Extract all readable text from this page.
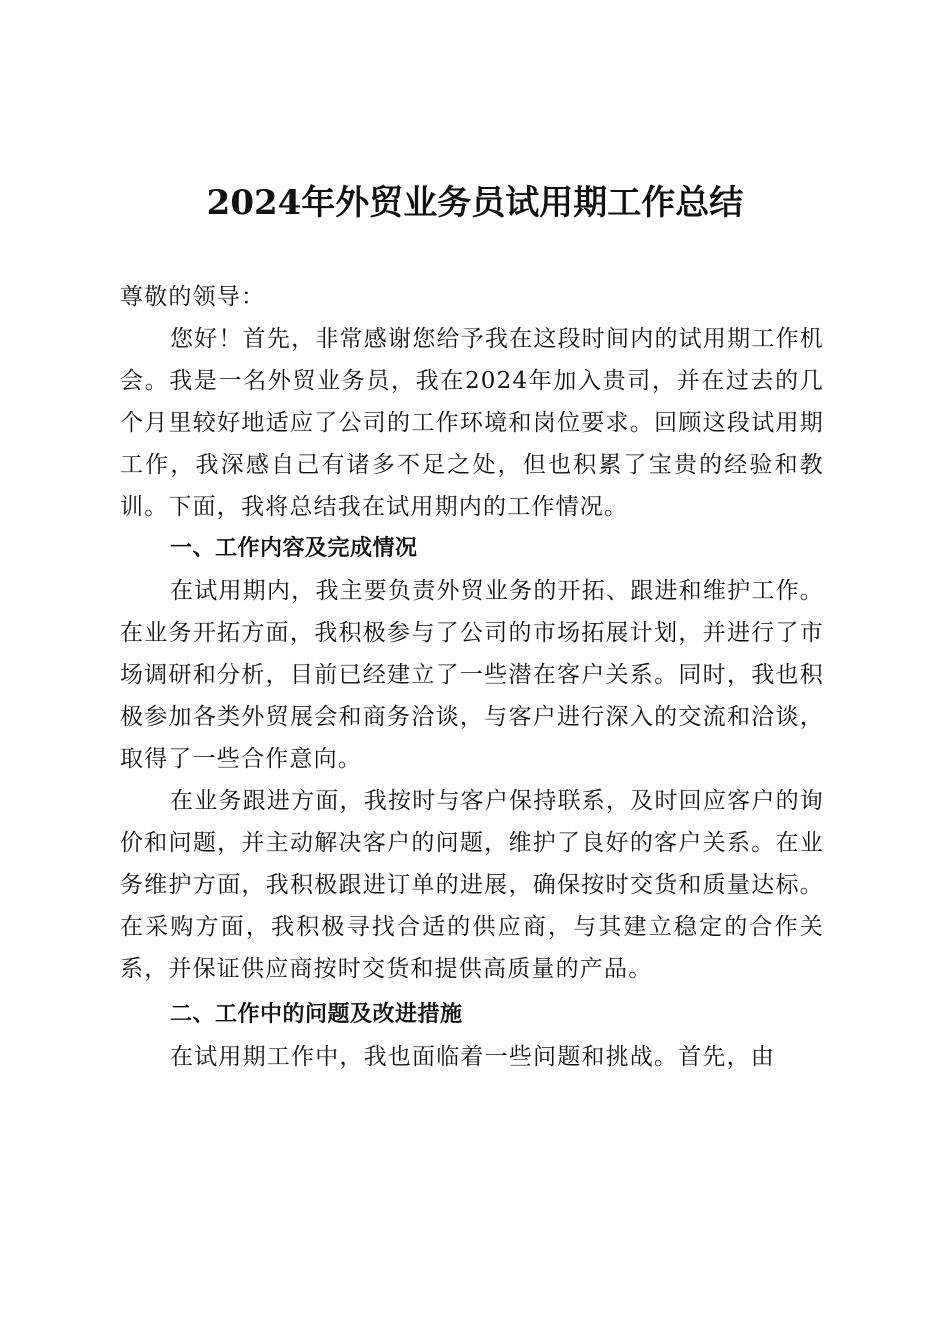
2024年外贸业务员试用期工作总结

尊敬的领导：

您好！首先，非常感谢您给予我在这段时间内的试用期工作机会。我是一名外贸业务员，我在2024年加入贵司，并在过去的几个月里较好地适应了公司的工作环境和岗位要求。回顾这段试用期工作，我深感自己有诸多不足之处，但也积累了宝贵的经验和教训。下面，我将总结我在试用期内的工作情况。

一、工作内容及完成情况

在试用期内，我主要负责外贸业务的开拓、跟进和维护工作。在业务开拓方面，我积极参与了公司的市场拓展计划，并进行了市场调研和分析，目前已经建立了一些潜在客户关系。同时，我也积极参加各类外贸展会和商务洽谈，与客户进行深入的交流和洽谈，取得了一些合作意向。

在业务跟进方面，我按时与客户保持联系，及时回应客户的询价和问题，并主动解决客户的问题，维护了良好的客户关系。在业务维护方面，我积极跟进订单的进展，确保按时交货和质量达标。在采购方面，我积极寻找合适的供应商，与其建立稳定的合作关系，并保证供应商按时交货和提供高质量的产品。

二、工作中的问题及改进措施

在试用期工作中，我也面临着一些问题和挑战。首先，由
